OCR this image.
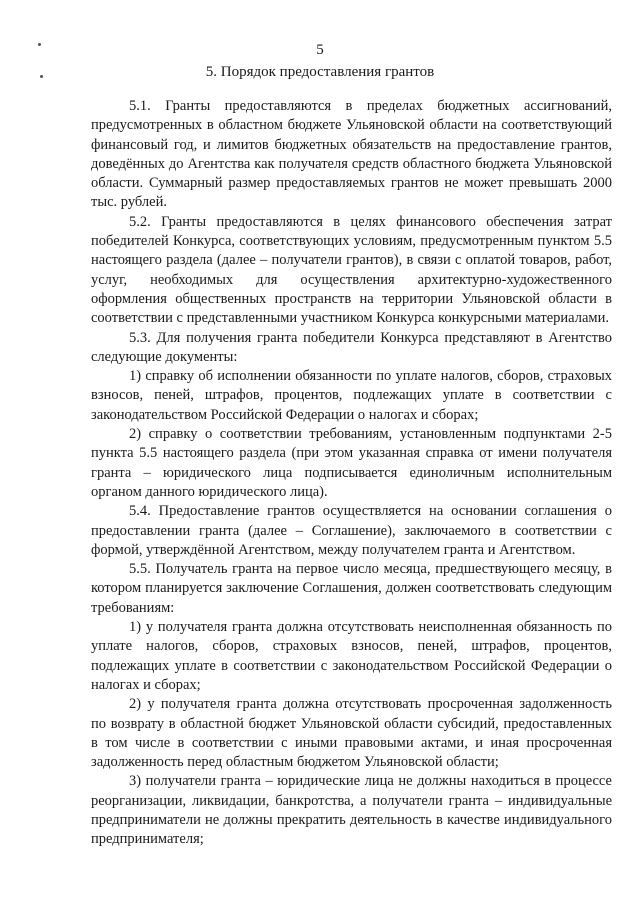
5
5. Порядок предоставления грантов

5.1. Гранты предоставляются в пределах бюджетных ассигнований, предусмотренных в областном бюджете Ульяновской области на соответствующий финансовый год, и лимитов бюджетных обязательств на предоставление грантов, доведённых до Агентства как получателя средств областного бюджета Ульяновской области. Суммарный размер предоставляемых грантов не может превышать 2000 тыс. рублей.

5.2. Гранты предоставляются в целях финансового обеспечения затрат победителей Конкурса, соответствующих условиям, предусмотренным пунктом 5.5 настоящего раздела (далее – получатели грантов), в связи с оплатой товаров, работ, услуг, необходимых для осуществления архитектурно-художественного оформления общественных пространств на территории Ульяновской области в соответствии с представленными участником Конкурса конкурсными материалами.

5.3. Для получения гранта победители Конкурса представляют в Агентство следующие документы:

1) справку об исполнении обязанности по уплате налогов, сборов, страховых взносов, пеней, штрафов, процентов, подлежащих уплате в соответствии с законодательством Российской Федерации о налогах и сборах;

2) справку о соответствии требованиям, установленным подпунктами 2-5 пункта 5.5 настоящего раздела (при этом указанная справка от имени получателя гранта – юридического лица подписывается единоличным исполнительным органом данного юридического лица).

5.4. Предоставление грантов осуществляется на основании соглашения о предоставлении гранта (далее – Соглашение), заключаемого в соответствии с формой, утверждённой Агентством, между получателем гранта и Агентством.

5.5. Получатель гранта на первое число месяца, предшествующего месяцу, в котором планируется заключение Соглашения, должен соответствовать следующим требованиям:

1) у получателя гранта должна отсутствовать неисполненная обязанность по уплате налогов, сборов, страховых взносов, пеней, штрафов, процентов, подлежащих уплате в соответствии с законодательством Российской Федерации о налогах и сборах;

2) у получателя гранта должна отсутствовать просроченная задолженность по возврату в областной бюджет Ульяновской области субсидий, предоставленных в том числе в соответствии с иными правовыми актами, и иная просроченная задолженность перед областным бюджетом Ульяновской области;

3) получатели гранта – юридические лица не должны находиться в процессе реорганизации, ликвидации, банкротства, а получатели гранта – индивидуальные предприниматели не должны прекратить деятельность в качестве индивидуального предпринимателя;
